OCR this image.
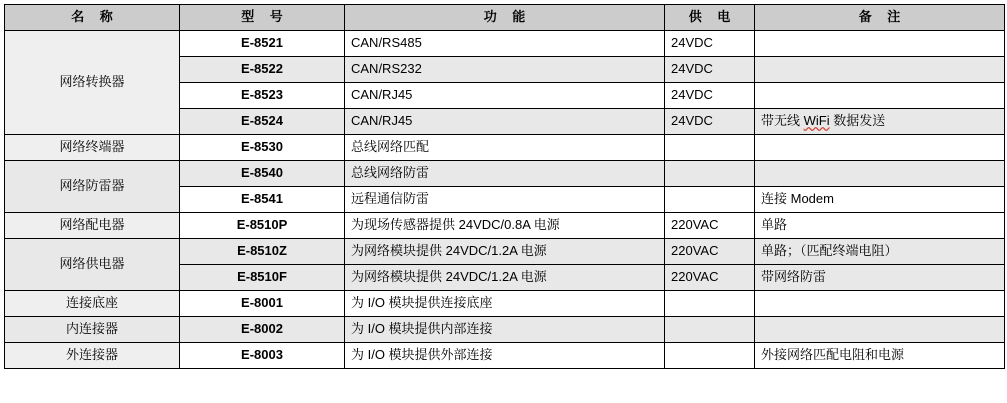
名 称	型 号	功 能	供 电	备 注
网络转换器	E-8521	CAN/RS485	24VDC	
	E-8522	CAN/RS232	24VDC	
	E-8523	CAN/RJ45	24VDC	
	E-8524	CAN/RJ45	24VDC	带无线 WiFi 数据发送
网络终端器	E-8530	总线网络匹配		
网络防雷器	E-8540	总线网络防雷		
	E-8541	远程通信防雷		连接 Modem
网络配电器	E-8510P	为现场传感器提供 24VDC/0.8A 电源	220VAC	单路
网络供电器	E-8510Z	为网络模块提供 24VDC/1.2A 电源	220VAC	单路；（匹配终端电阻）
	E-8510F	为网络模块提供 24VDC/1.2A 电源	220VAC	带网络防雷
连接底座	E-8001	为 I/O 模块提供连接底座		
内连接器	E-8002	为 I/O 模块提供内部连接		
外连接器	E-8003	为 I/O 模块提供外部连接		外接网络匹配电阻和电源
